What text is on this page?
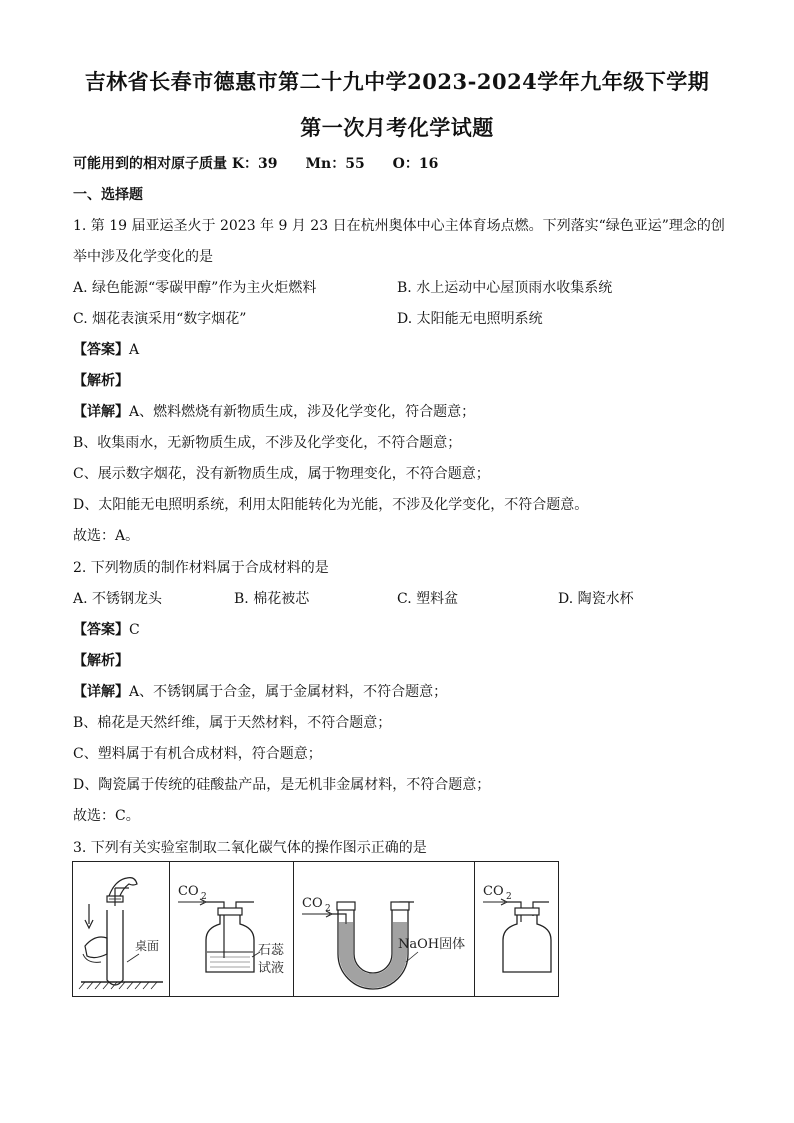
吉林省长春市德惠市第二十九中学2023-2024学年九年级下学期
第一次月考化学试题
可能用到的相对原子质量 K：39　　Mn：55　　O：16
一、选择题
1. 第 19 届亚运圣火于 2023 年 9 月 23 日在杭州奥体中心主体育场点燃。下列落实“绿色亚运”理念的创
举中涉及化学变化的是
A. 绿色能源“零碳甲醇”作为主火炬燃料	B. 水上运动中心屋顶雨水收集系统
C. 烟花表演采用“数字烟花”	D. 太阳能无电照明系统
【答案】A
【解析】
【详解】A、燃料燃烧有新物质生成，涉及化学变化，符合题意；
B、收集雨水，无新物质生成，不涉及化学变化，不符合题意；
C、展示数字烟花，没有新物质生成，属于物理变化，不符合题意；
D、太阳能无电照明系统，利用太阳能转化为光能，不涉及化学变化，不符合题意。
故选：A。
2. 下列物质的制作材料属于合成材料的是
A. 不锈钢龙头	B. 棉花被芯	C. 塑料盆	D. 陶瓷水杯
【答案】C
【解析】
【详解】A、不锈钢属于合金，属于金属材料，不符合题意；
B、棉花是天然纤维，属于天然材料，不符合题意；
C、塑料属于有机合成材料，符合题意；
D、陶瓷属于传统的硅酸盐产品，是无机非金属材料，不符合题意；
故选：C。
3. 下列有关实验室制取二氧化碳气体的操作图示正确的是
桌面
CO 2
石蕊
试液
CO 2
NaOH固体
CO 2
